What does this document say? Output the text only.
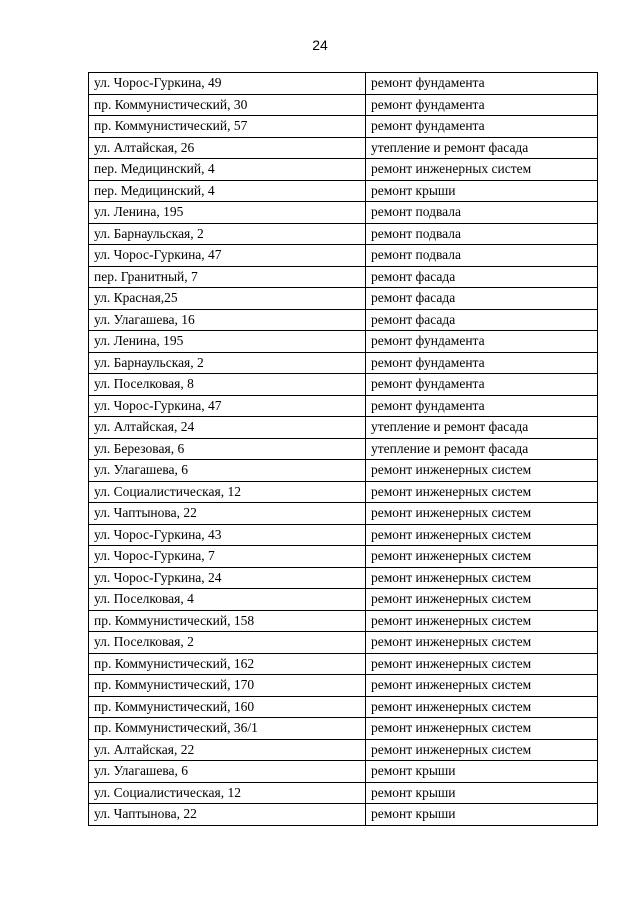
24
ул. Чорос-Гуркина, 49	ремонт фундамента
пр. Коммунистический, 30	ремонт фундамента
пр. Коммунистический, 57	ремонт фундамента
ул. Алтайская, 26	утепление и ремонт фасада
пер. Медицинский, 4	ремонт инженерных систем
пер. Медицинский, 4	ремонт крыши
ул. Ленина, 195	ремонт подвала
ул. Барнаульская, 2	ремонт подвала
ул. Чорос-Гуркина, 47	ремонт подвала
пер. Гранитный, 7	ремонт фасада
ул. Красная,25	ремонт фасада
ул. Улагашева, 16	ремонт фасада
ул. Ленина, 195	ремонт фундамента
ул. Барнаульская, 2	ремонт фундамента
ул. Поселковая, 8	ремонт фундамента
ул. Чорос-Гуркина, 47	ремонт фундамента
ул. Алтайская, 24	утепление и ремонт фасада
ул. Березовая, 6	утепление и ремонт фасада
ул. Улагашева, 6	ремонт инженерных систем
ул. Социалистическая, 12	ремонт инженерных систем
ул. Чаптынова, 22	ремонт инженерных систем
ул. Чорос-Гуркина, 43	ремонт инженерных систем
ул. Чорос-Гуркина, 7	ремонт инженерных систем
ул. Чорос-Гуркина, 24	ремонт инженерных систем
ул. Поселковая, 4	ремонт инженерных систем
пр. Коммунистический, 158	ремонт инженерных систем
ул. Поселковая, 2	ремонт инженерных систем
пр. Коммунистический, 162	ремонт инженерных систем
пр. Коммунистический, 170	ремонт инженерных систем
пр. Коммунистический, 160	ремонт инженерных систем
пр. Коммунистический, 36/1	ремонт инженерных систем
ул. Алтайская, 22	ремонт инженерных систем
ул. Улагашева, 6	ремонт крыши
ул. Социалистическая, 12	ремонт крыши
ул. Чаптынова, 22	ремонт крыши
